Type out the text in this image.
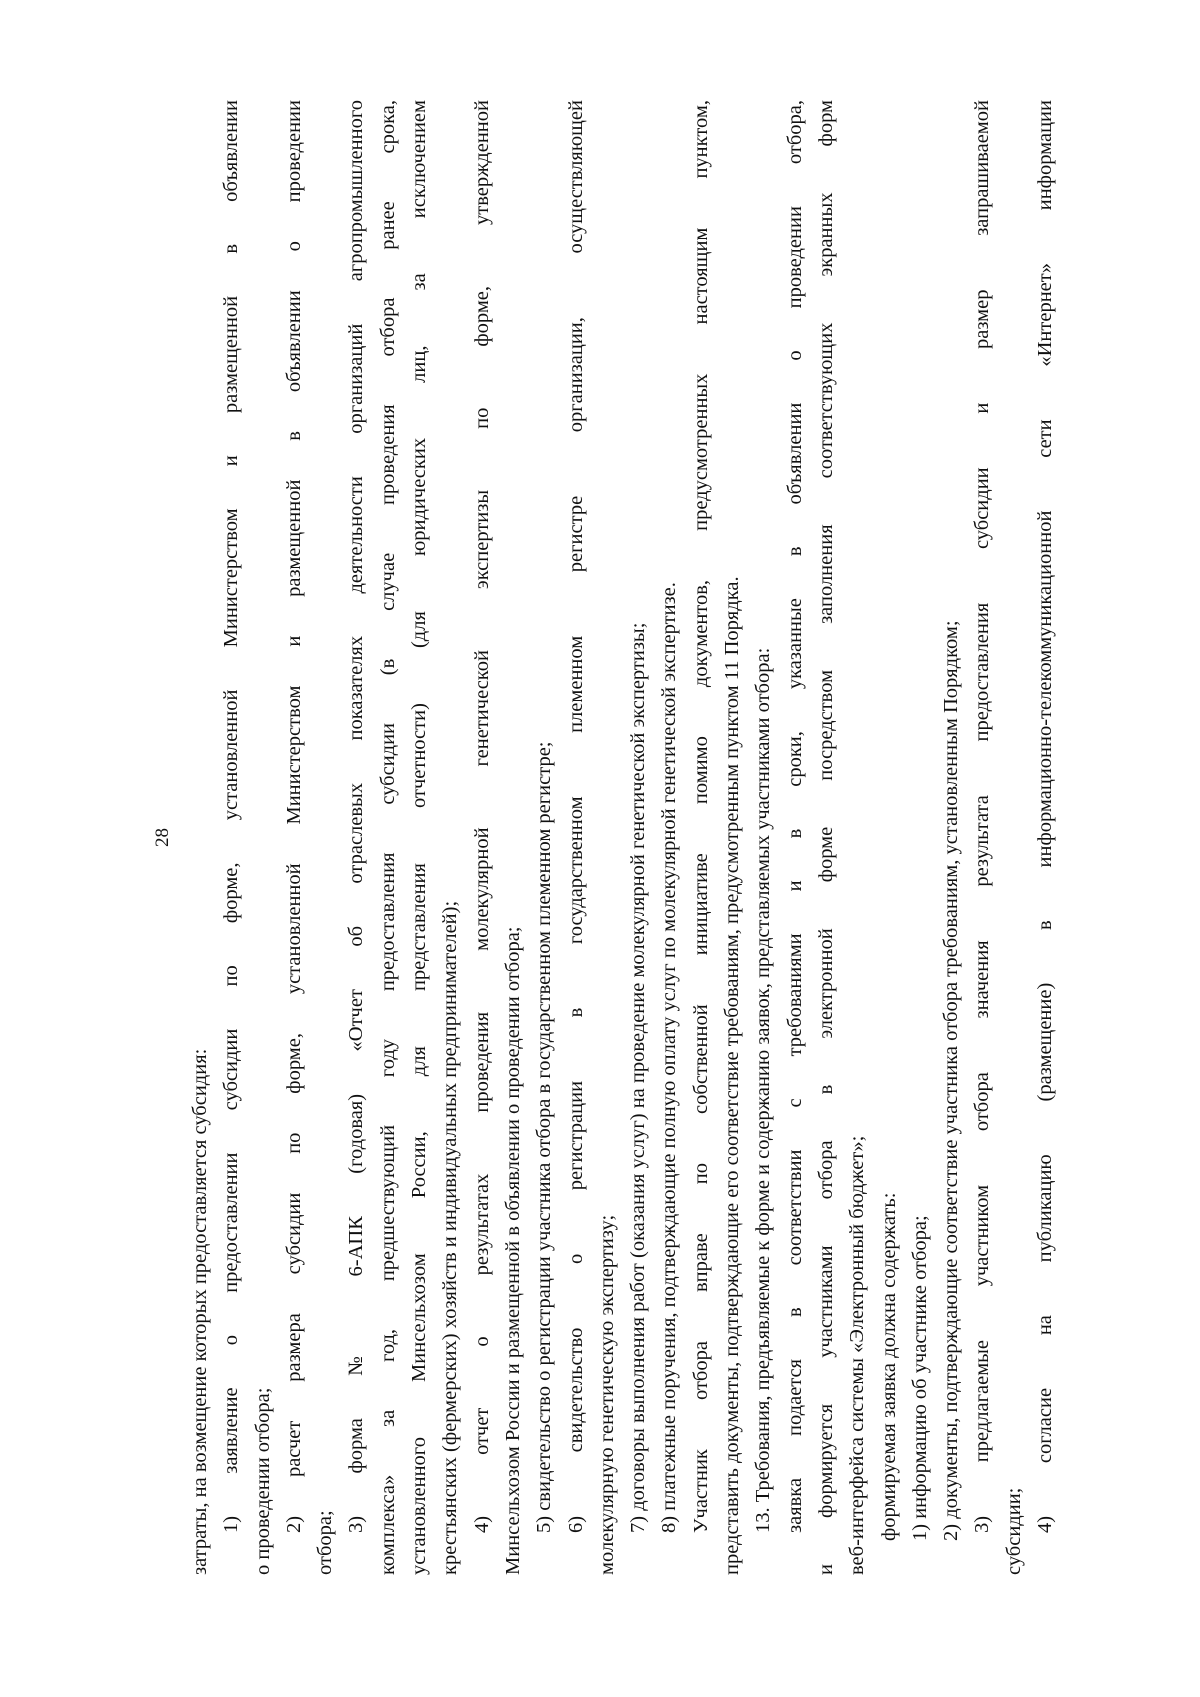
28
затраты, на возмещение которых предоставляется субсидия: 1) заявление о предоставлении субсидии по форме, установленной Министерством и размещенной в объявлении о проведении отбора; 2) расчет размера субсидии по форме, установленной Министерством и размещенной в объявлении о проведении
отбора;
3) форма № 6-АПК (годовая) «Отчет об отраслевых показателях деятельности организаций агропромышленного комплекса» за год, предшествующий году предоставления субсидии (в случае проведения отбора ранее срока, установленного Минсельхозом России, для представления отчетности) (для юридических лиц, за исключением крестьянских (фермерских) хозяйств и индивидуальных предпринимателей); 4) отчет о результатах проведения молекулярной генетической экспертизы по форме, утвержденной Минсельхозом России и размещенной в объявлении о проведении отбора; 5) свидетельство о регистрации участника отбора в государственном племенном регистре; 6) свидетельство о регистрации в государственном племенном регистре организации, осуществляющей молекулярную генетическую экспертизу; 7) договоры выполнения работ (оказания услуг) на проведение молекулярной генетической экспертизы; 8) платежные поручения, подтверждающие полную оплату услуг по молекулярной генетической экспертизе. Участник отбора вправе по собственной инициативе помимо документов, предусмотренных настоящим пунктом, представить документы, подтверждающие его соответствие требованиям, предусмотренным пунктом 11 Порядка. 13. Требования, предъявляемые к форме и содержанию заявок, представляемых участниками отбора: заявка подается в соответствии с требованиями и в сроки, указанные в объявлении о проведении отбора, и формируется участниками отбора в электронной форме посредством заполнения соответствующих экранных форм веб-интерфейса системы «Электронный бюджет»; формируемая заявка должна содержать: 1) информацию об участнике отбора; 2) документы, подтверждающие соответствие участника отбора требованиям, установленным Порядком; 3) предлагаемые участником отбора значения результата предоставления субсидии и размер запрашиваемой субсидии; 4) согласие на публикацию (размещение) в информационно-телекоммуникационной сети «Интернет» информации
